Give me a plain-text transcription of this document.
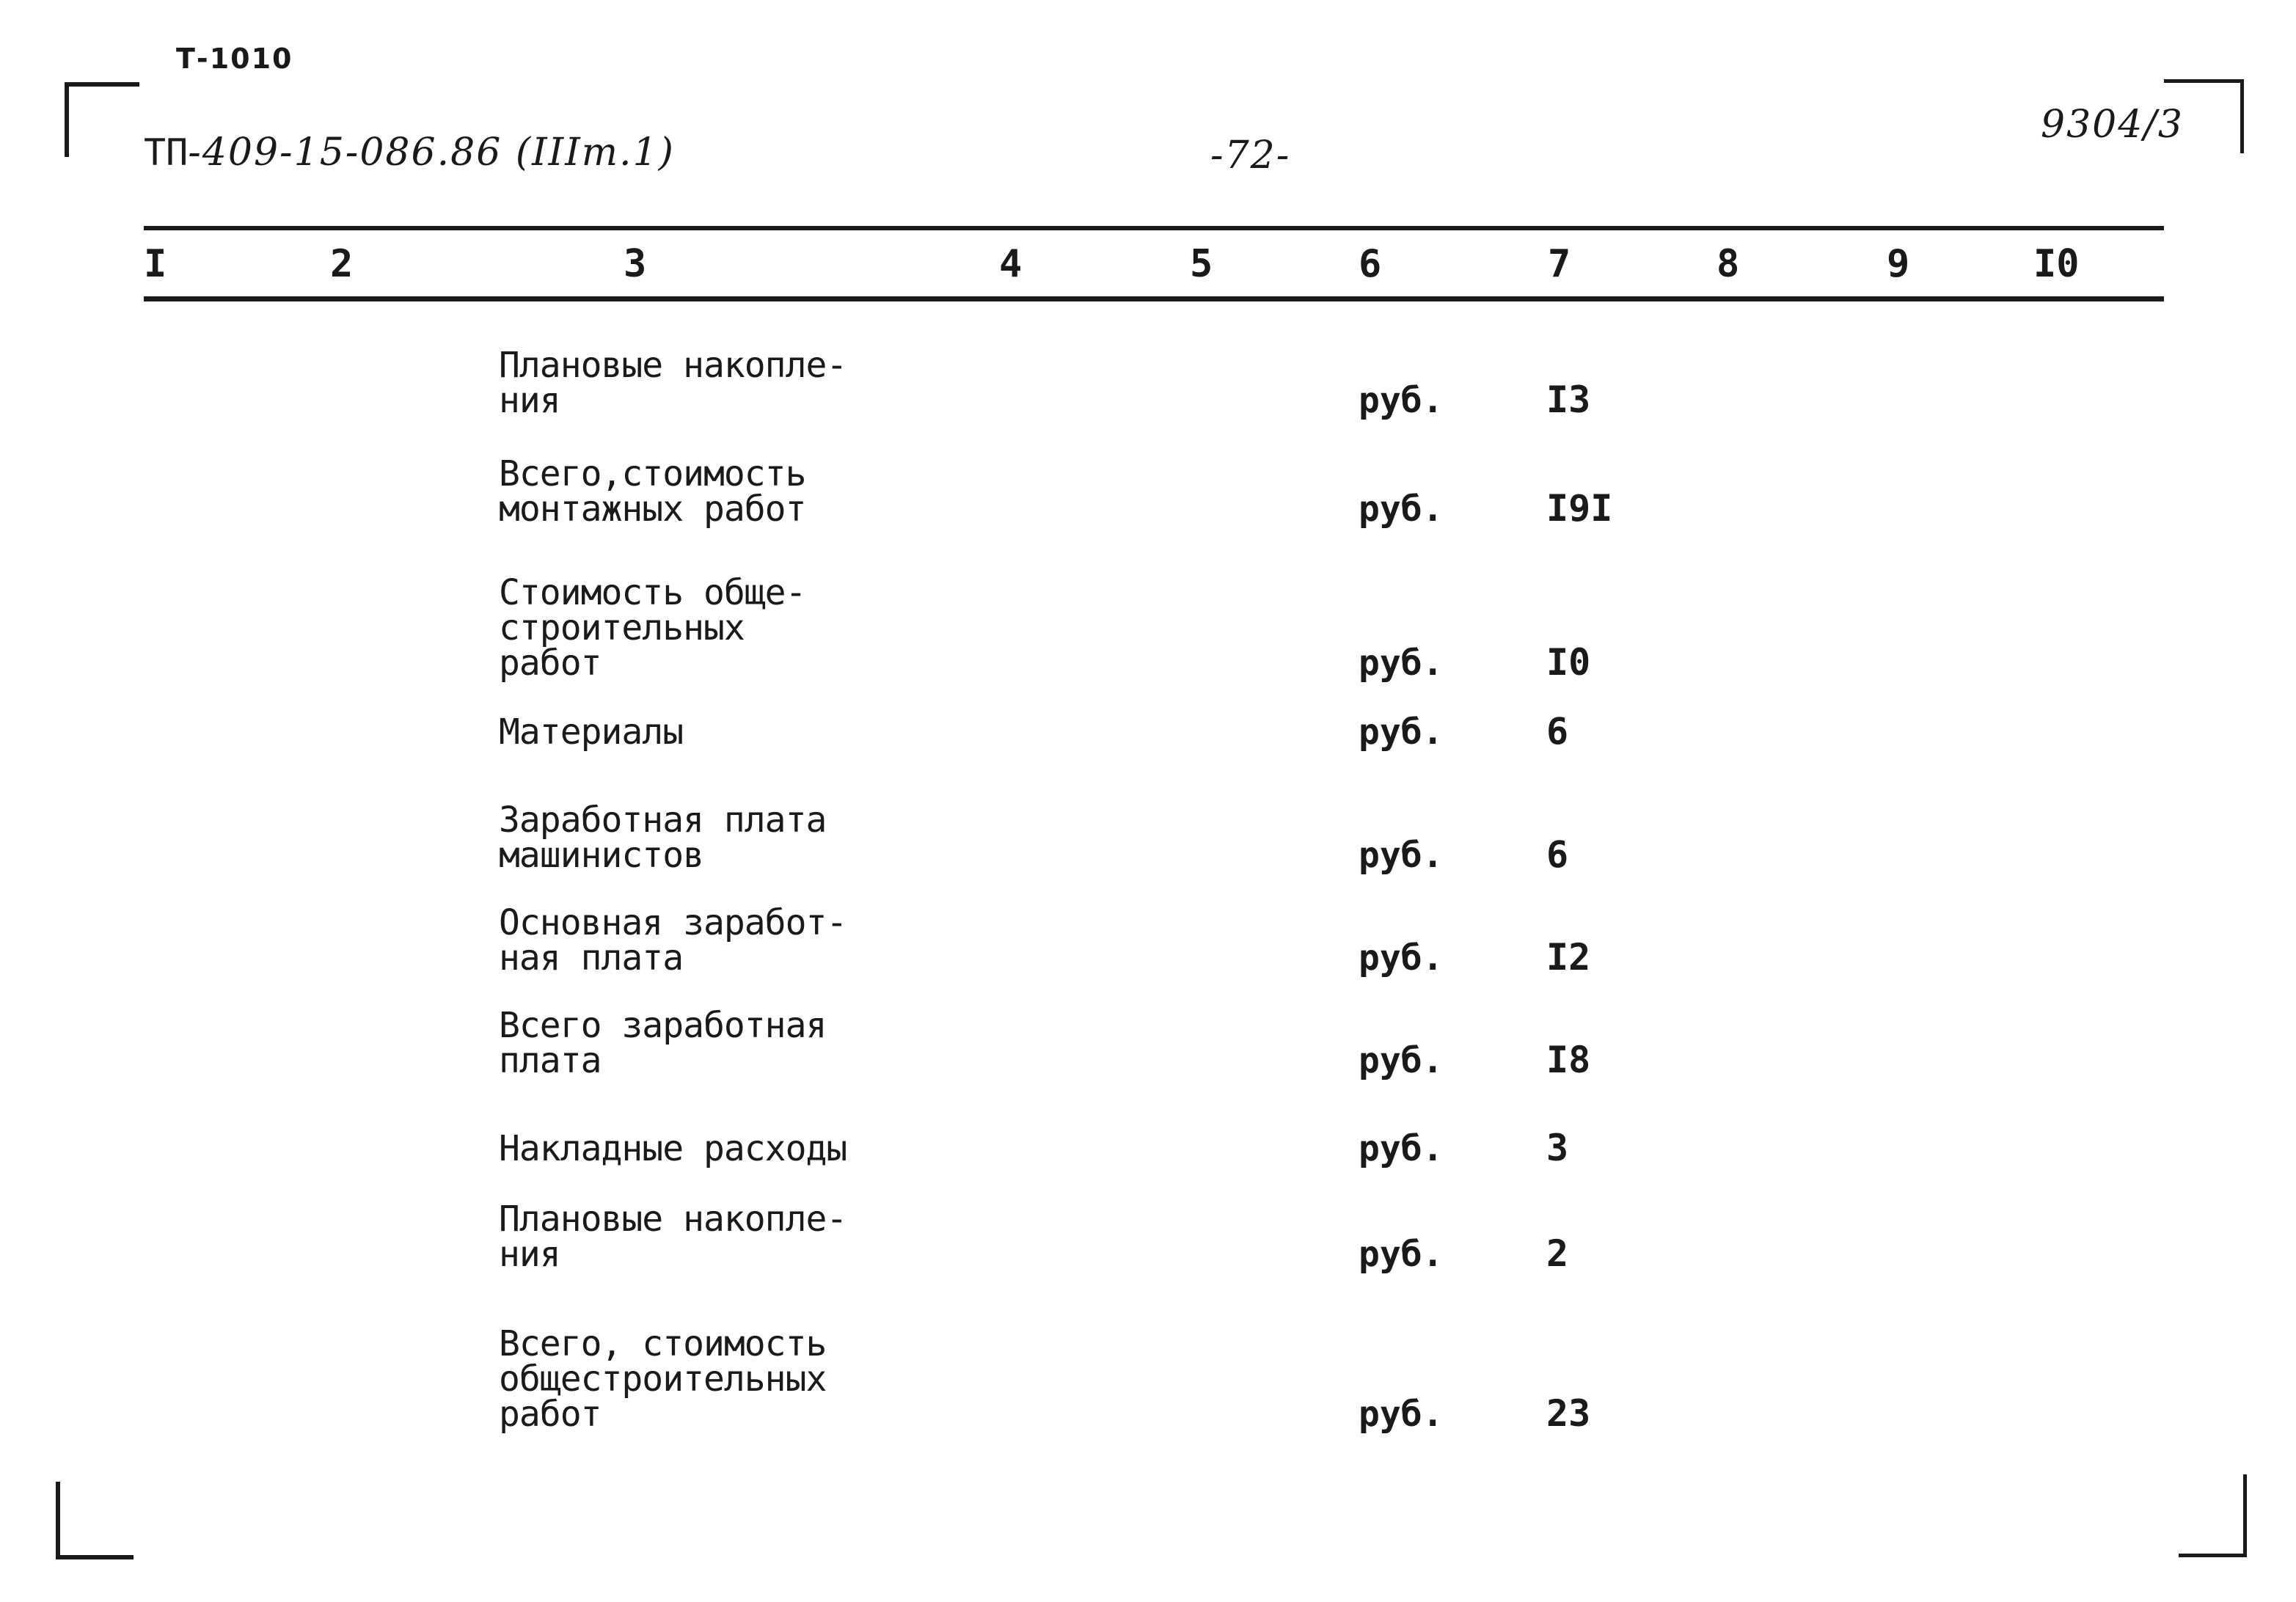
Т-1010
ТП-409-15-086.86 (IIIт.1)	-72-
9304/3
I	2	3	4	5	6	7	8	9	I0
Плановые накопле-
ния	руб.	I3
Всего,стоимость
монтажных работ	руб.	I9I
Стоимость обще-
строительных
работ	руб.	I0
Материалы	руб.	6
Заработная плата
машинистов	руб.	6
Основная заработ-
ная плата	руб.	I2
Всего заработная
плата	руб.	I8
Накладные расходы	руб.	3
Плановые накопле-
ния	руб.	2
Всего, стоимость
общестроительных
работ	руб.	23
